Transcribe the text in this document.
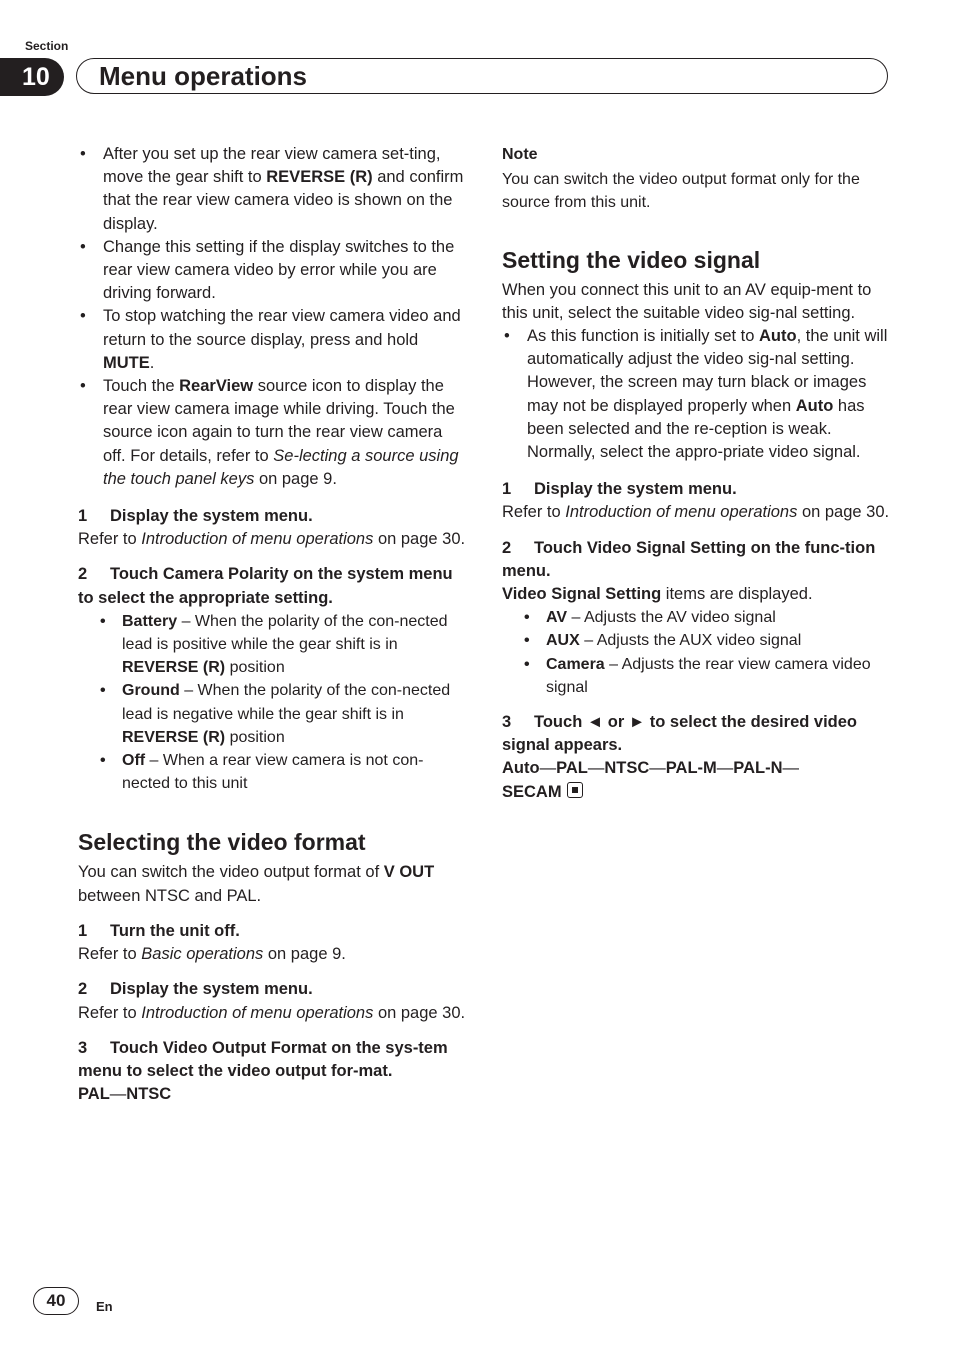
Section
10	Menu operations
• After you set up the rear view camera set-ting, move the gear shift to REVERSE (R) and confirm that the rear view camera video is shown on the display.
• Change this setting if the display switches to the rear view camera video by error while you are driving forward.
• To stop watching the rear view camera video and return to the source display, press and hold MUTE.
• Touch the RearView source icon to display the rear view camera image while driving. Touch the source icon again to turn the rear view camera off. For details, refer to Se-lecting a source using the touch panel keys on page 9.

1 Display the system menu.

Refer to Introduction of menu operations on page 30.

2 Touch Camera Polarity on the system menu to select the appropriate setting.

• Battery – When the polarity of the con-nected lead is positive while the gear shift is in REVERSE (R) position
• Ground – When the polarity of the con-nected lead is negative while the gear shift is in REVERSE (R) position
• Off – When a rear view camera is not con-nected to this unit
Selecting the video format

You can switch the video output format of V OUT between NTSC and PAL.

1 Turn the unit off.

Refer to Basic operations on page 9.

2 Display the system menu.

Refer to Introduction of menu operations on page 30.

3 Touch Video Output Format on the sys-tem menu to select the video output for-mat.

PAL—NTSC

Note

You can switch the video output format only for the source from this unit.

Setting the video signal

When you connect this unit to an AV equip-ment to this unit, select the suitable video sig-nal setting.

• As this function is initially set to Auto, the unit will automatically adjust the video sig-nal setting.
However, the screen may turn black or images may not be displayed properly when Auto has been selected and the re-ception is weak. Normally, select the appro-priate video signal.

1 Display the system menu.

Refer to Introduction of menu operations on page 30.

2 Touch Video Signal Setting on the func-tion menu.

Video Signal Setting items are displayed.

• AV – Adjusts the AV video signal
• AUX – Adjusts the AUX video signal
• Camera – Adjusts the rear view camera video signal

3 Touch ◄ or ► to select the desired video signal appears.

Auto—PAL—NTSC—PAL-M—PAL-N—
SECAM

40	En
